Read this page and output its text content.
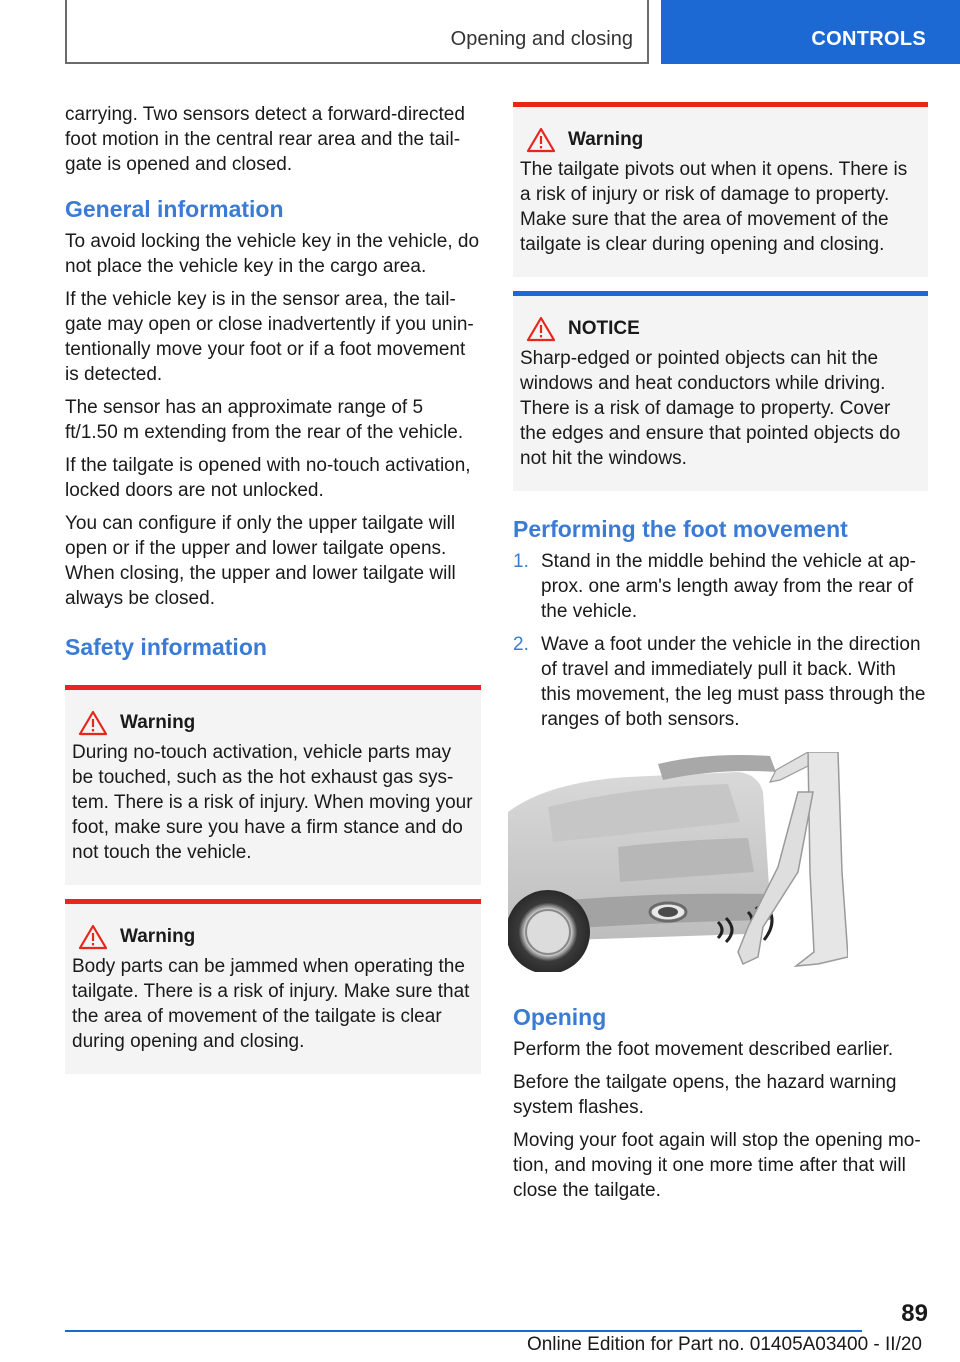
Opening and closing	CONTROLS

carrying. Two sensors detect a forward-directed foot motion in the central rear area and the tailgate is opened and closed.

General information

To avoid locking the vehicle key in the vehicle, do not place the vehicle key in the cargo area.

If the vehicle key is in the sensor area, the tailgate may open or close inadvertently if you unintentionally move your foot or if a foot movement is detected.

The sensor has an approximate range of 5 ft/1.50 m extending from the rear of the vehicle.

If the tailgate is opened with no-touch activation, locked doors are not unlocked.

You can configure if only the upper tailgate will open or if the upper and lower tailgate opens. When closing, the upper and lower tailgate will always be closed.

Safety information
Warning
During no-touch activation, vehicle parts may be touched, such as the hot exhaust gas system. There is a risk of injury. When moving your foot, make sure you have a firm stance and do not touch the vehicle.
Warning
Body parts can be jammed when operating the tailgate. There is a risk of injury. Make sure that the area of movement of the tailgate is clear during opening and closing.
Warning
The tailgate pivots out when it opens. There is a risk of injury or risk of damage to property. Make sure that the area of movement of the tailgate is clear during opening and closing.
NOTICE
Sharp-edged or pointed objects can hit the windows and heat conductors while driving. There is a risk of damage to property. Cover the edges and ensure that pointed objects do not hit the windows.
Performing the foot movement
1. Stand in the middle behind the vehicle at approx. one arm's length away from the rear of the vehicle.
2. Wave a foot under the vehicle in the direction of travel and immediately pull it back. With this movement, the leg must pass through the ranges of both sensors.
Opening

Perform the foot movement described earlier.

Before the tailgate opens, the hazard warning system flashes.

Moving your foot again will stop the opening motion, and moving it one more time after that will close the tailgate.

89
Online Edition for Part no. 01405A03400 - II/20
